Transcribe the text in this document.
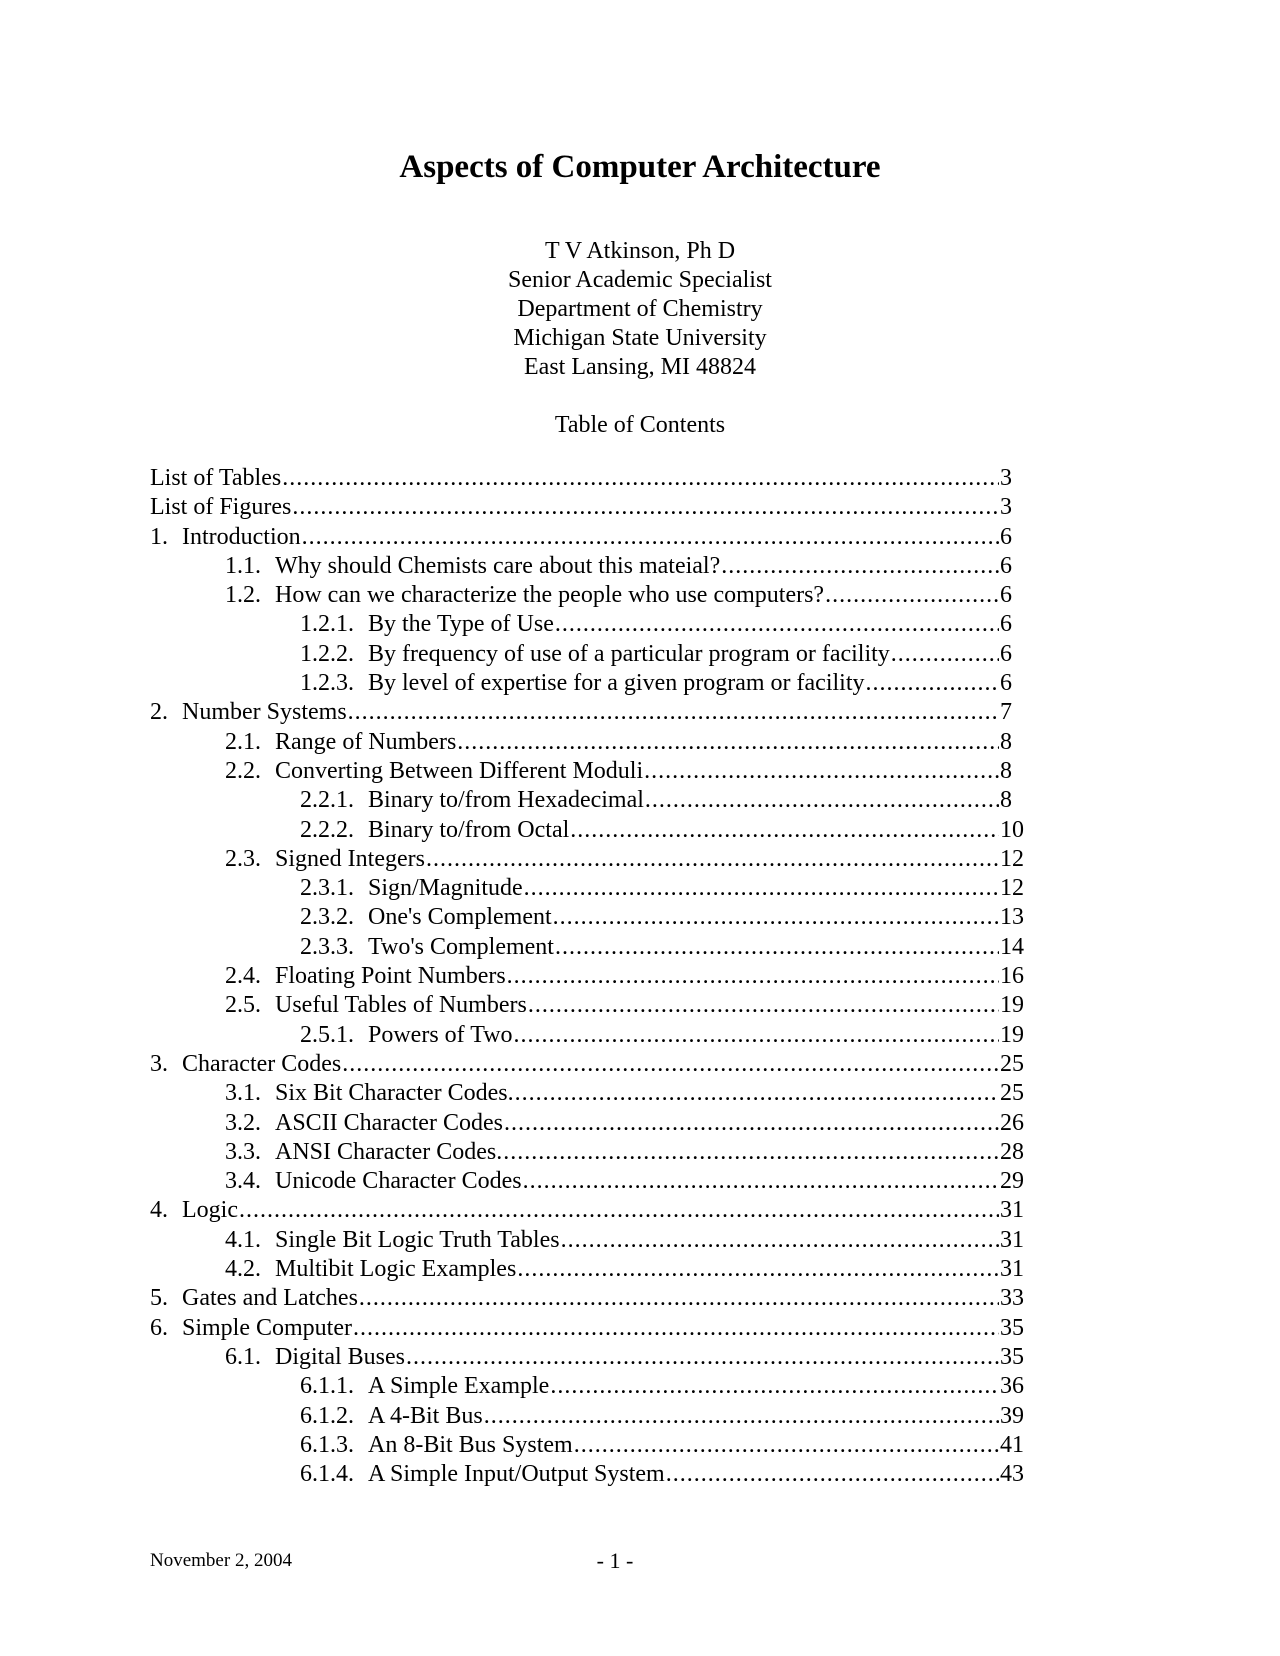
Aspects of Computer Architecture
T V Atkinson, Ph D
Senior Academic Specialist
Department of Chemistry
Michigan State University
East Lansing, MI 48824
Table of Contents
List of Tables .....	3
List of Figures .....	3
1. Introduction .....	6
1.1. Why should Chemists care about this mateial? .....	6
1.2. How can we characterize the people who use computers? .....	6
1.2.1. By the Type of Use .....	6
1.2.2. By frequency of use of a particular program or facility .....	6
1.2.3. By level of expertise for a given program or facility .....	6
2. Number Systems .....	7
2.1. Range of Numbers .....	8
2.2. Converting Between Different Moduli .....	8
2.2.1. Binary to/from Hexadecimal .....	8
2.2.2. Binary to/from Octal .....	10
2.3. Signed Integers .....	12
2.3.1. Sign/Magnitude .....	12
2.3.2. One's Complement .....	13
2.3.3. Two's Complement .....	14
2.4. Floating Point Numbers .....	16
2.5. Useful Tables of Numbers .....	19
2.5.1. Powers of Two .....	19
3. Character Codes .....	25
3.1. Six Bit Character Codes. .....	25
3.2. ASCII Character Codes .....	26
3.3. ANSI Character Codes. .....	28
3.4. Unicode Character Codes .....	29
4. Logic .....	31
4.1. Single Bit Logic Truth Tables .....	31
4.2. Multibit Logic Examples .....	31
5. Gates and Latches .....	33
6. Simple Computer .....	35
6.1. Digital Buses .....	35
6.1.1. A Simple Example .....	36
6.1.2. A 4-Bit Bus .....	39
6.1.3. An 8-Bit Bus System .....	41
6.1.4. A Simple Input/Output System .....	43
November 2, 2004	- 1 -
